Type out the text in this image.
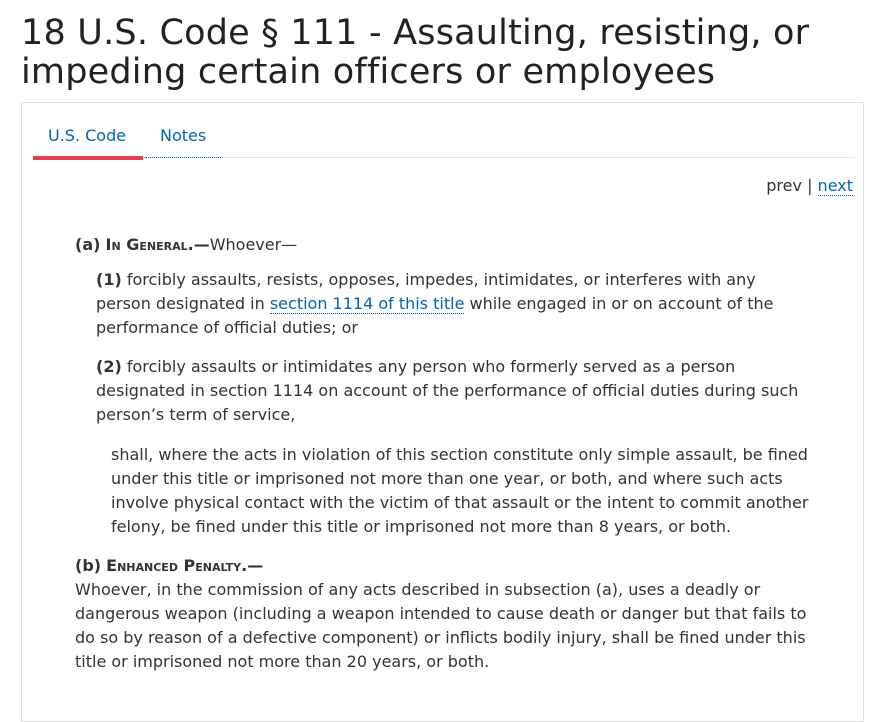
18 U.S. Code § 111 - Assaulting, resisting, or impeding certain officers or employees
U.S. Code Notes
prev | next

(a) In General.—Whoever—

(1) forcibly assaults, resists, opposes, impedes, intimidates, or interferes with any person designated in section 1114 of this title while engaged in or on account of the performance of official duties; or

(2) forcibly assaults or intimidates any person who formerly served as a person designated in section 1114 on account of the performance of official duties during such person’s term of service,

shall, where the acts in violation of this section constitute only simple assault, be fined under this title or imprisoned not more than one year, or both, and where such acts involve physical contact with the victim of that assault or the intent to commit another felony, be fined under this title or imprisoned not more than 8 years, or both.

(b) Enhanced Penalty.—

Whoever, in the commission of any acts described in subsection (a), uses a deadly or dangerous weapon (including a weapon intended to cause death or danger but that fails to do so by reason of a defective component) or inflicts bodily injury, shall be fined under this title or imprisoned not more than 20 years, or both.
